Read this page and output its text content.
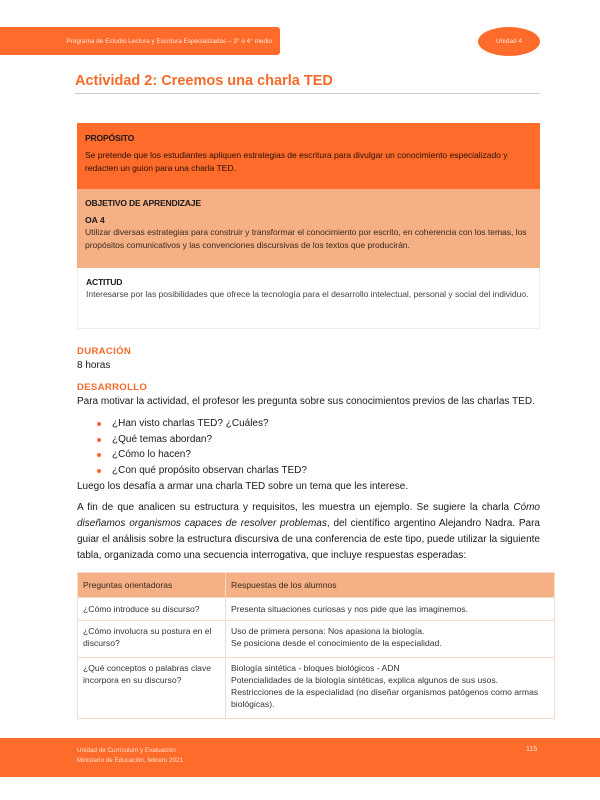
Programa de Estudio Lectura y Escritura Especializadas – 3° o 4° medio	Unidad 4
Actividad 2: Creemos una charla TED
PROPÓSITO
Se pretende que los estudiantes apliquen estrategias de escritura para divulgar un conocimiento especializado y redacten un guion para una charla TED.
OBJETIVO DE APRENDIZAJE
OA 4
Utilizar diversas estrategias para construir y transformar el conocimiento por escrito, en coherencia con los temas, los propósitos comunicativos y las convenciones discursivas de los textos que producirán.
ACTITUD
Interesarse por las posibilidades que ofrece la tecnología para el desarrollo intelectual, personal y social del individuo.
DURACIÓN
8 horas
DESARROLLO
Para motivar la actividad, el profesor les pregunta sobre sus conocimientos previos de las charlas TED.
¿Han visto charlas TED? ¿Cuáles?
¿Qué temas abordan?
¿Cómo lo hacen?
¿Con qué propósito observan charlas TED?
Luego los desafía a armar una charla TED sobre un tema que les interese.
A fin de que analicen su estructura y requisitos, les muestra un ejemplo. Se sugiere la charla Cómo diseñamos organismos capaces de resolver problemas, del científico argentino Alejandro Nadra. Para guiar el análisis sobre la estructura discursiva de una conferencia de este tipo, puede utilizar la siguiente tabla, organizada como una secuencia interrogativa, que incluye respuestas esperadas:
Preguntas orientadoras	Respuestas de los alumnos
¿Cómo introduce su discurso?	Presenta situaciones curiosas y nos pide que las imaginemos.

¿Cómo involucra su postura en el discurso?	Uso de primera persona: Nos apasiona la biología.
Se posiciona desde el conocimiento de la especialidad.

¿Qué conceptos o palabras clave incorpora en su discurso?	Biología sintética - bloques biológicos - ADN
Potencialidades de la biología sintéticas, explica algunos de sus usos.
Restricciones de la especialidad (no diseñar organismos patógenos como armas biológicas).
Unidad de Currículum y Evaluación
Ministerio de Educación, febrero 2021
115
